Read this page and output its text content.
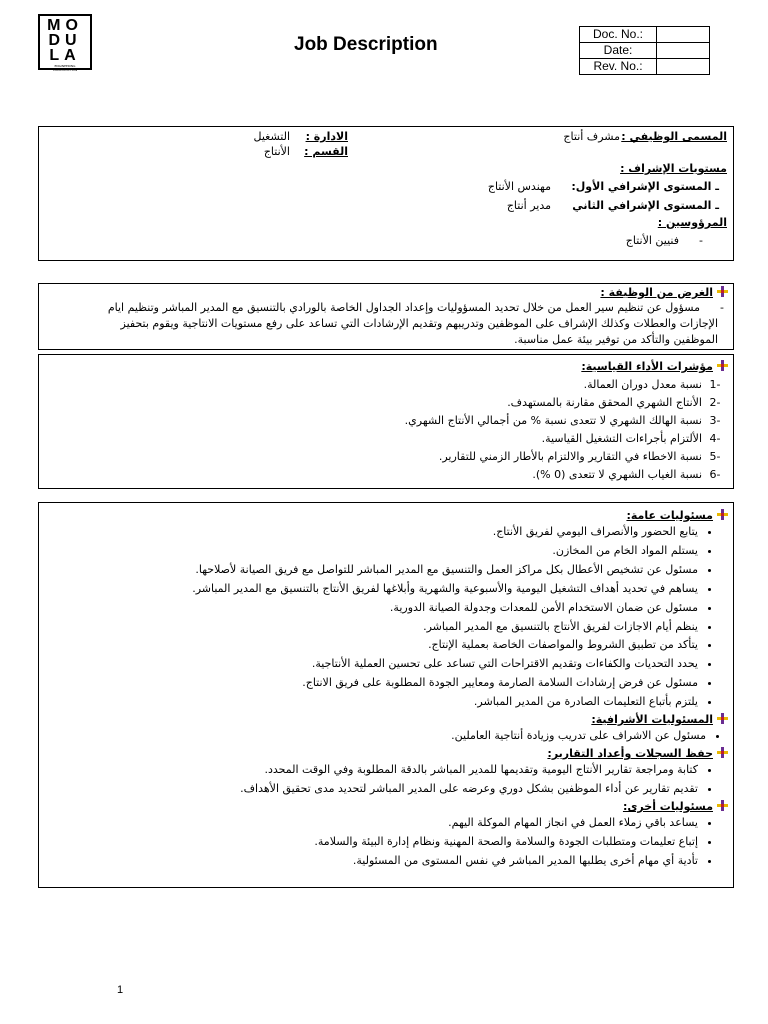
MO
DU
LA
ENGINEERING CONSTRUCTION
Job Description	Doc. No.:	
Date:	
Rev. No.:	
المسمى الوظيفي :
مشرف أنتاج
الادارة :
التشغيل
القسم :
الأنتاج
مستويات الإشراف :
ـ المستوى الإشرافي الأول:
مهندس الأنتاج
ـ المستوى الإشرافي الثاني
مدير أنتاج
المرؤوسين :
-
فنيين الأنتاج
الغرض من الوظيفة :
-
مسؤول عن تنظيم سير العمل من خلال تحديد المسؤوليات وإعداد الجداول الخاصة بالورادي بالتنسيق مع المدير المباشر وتنظيم ايام
الإجازات والعطلات وكذلك الإشراف على الموظفين وتدريبهم وتقديم الإرشادات التي تساعد على رفع مستويات الانتاجية ويقوم بتحفيز
الموظفين والتأكد من توفير بيئة عمل مناسبة.
مؤشرات الأداء القياسية:
-1نسبة معدل دوران العمالة.
-2الأنتاج الشهري المحقق مقارنة بالمستهدف.
-3نسبة الهالك الشهري لا تتعدى نسبة % من أجمالي الأنتاج الشهري.
-4الألتزام بأجراءات التشغيل القياسية.
-5نسبة الاخطاء في التقارير والالتزام بالأطار الزمني للتقارير.
-6نسبة الغياب الشهري لا تتعدى (0 %).
مسئوليات عامة:
• يتابع الحضور والأنصراف اليومي لفريق الأنتاج.
• يستلم المواد الخام من المخازن.
• مسئول عن تشخيص الأعطال بكل مراكز العمل والتنسيق مع المدير المباشر للتواصل مع فريق الصيانة لأصلاحها.
• يساهم في تحديد أهداف التشغيل اليومية والأسبوعية والشهرية وأبلاغها لفريق الأنتاج بالتنسيق مع المدير المباشر.
• مسئول عن ضمان الاستخدام الأمن للمعدات وجدولة الصيانة الدورية.
• ينظم أيام الاجازات لفريق الأنتاج بالتنسيق مع المدير المباشر.
• يتأكد من تطبيق الشروط والمواصفات الخاصة بعملية الإنتاج.
• يحدد التحديات والكفاءات وتقديم الاقتراحات التي تساعد على تحسين العملية الأنتاجية.
• مسئول عن فرض إرشادات السلامة الصارمة ومعايير الجودة المطلوبة على فريق الانتاج.
• يلتزم بأتباع التعليمات الصادرة من المدير المباشر.
المسئوليات الأشرافية:
• مسئول عن الاشراف على تدريب وزيادة أنتاجية العاملين.
حفظ السجلات وأعداد التقارير:
• كتابة ومراجعة تقارير الأنتاج اليومية وتقديمها للمدير المباشر بالدقة المطلوبة وفي الوقت المحدد.
• تقديم تقارير عن أداء الموظفين بشكل دوري وعرضه على المدير المباشر لتحديد مدى تحقيق الأهداف.
مسئوليات أخرى:
• يساعد باقي زملاء العمل في انجاز المهام الموكلة اليهم.
• إتباع تعليمات ومتطلبات الجودة والسلامة والصحة المهنية ونظام إدارة البيئة والسلامة.
• تأدية أي مهام أخرى يطلبها المدير المباشر في نفس المستوى من المسئولية.
1
